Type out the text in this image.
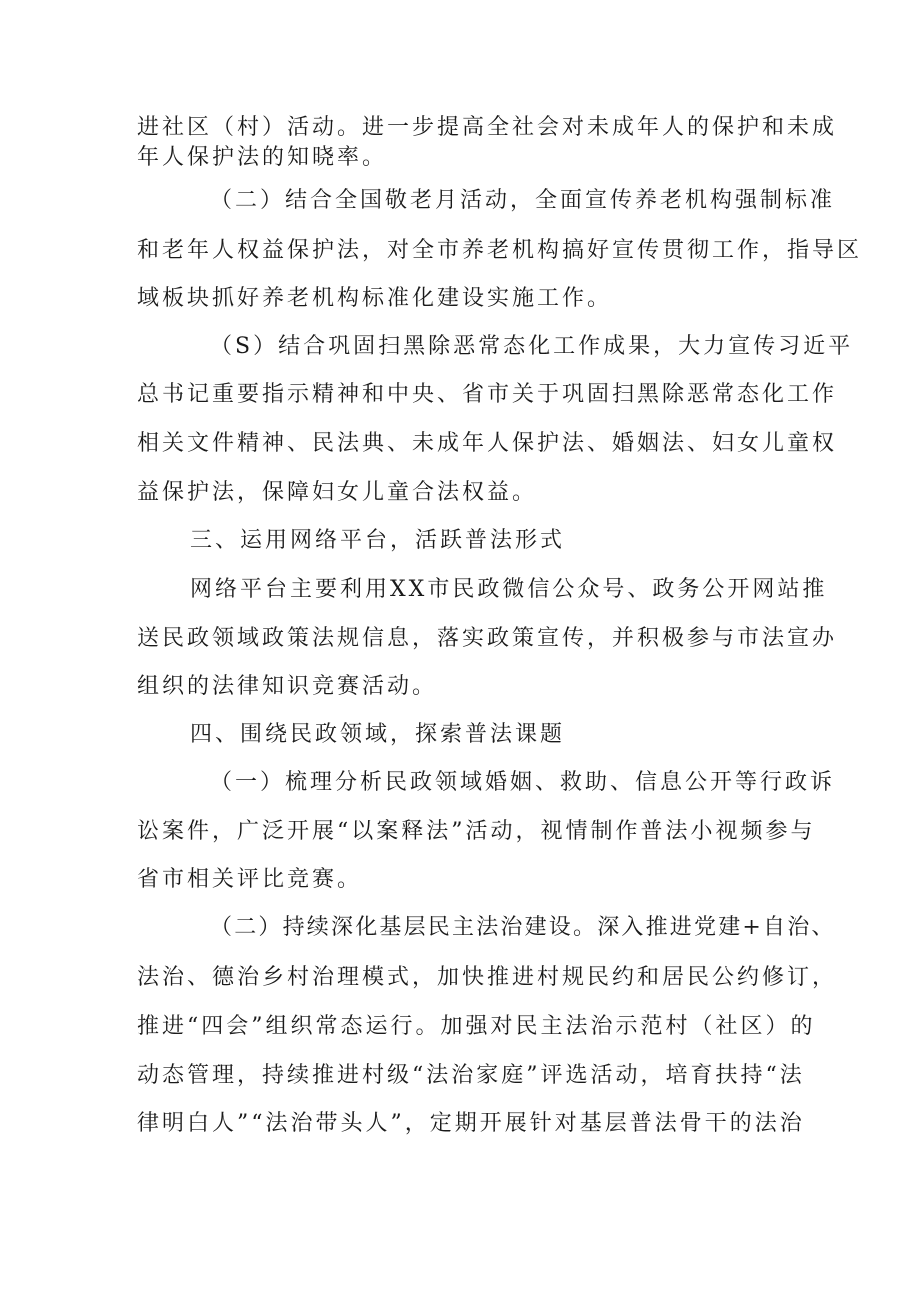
进社区（村）活动。进一步提高全社会对未成年人的保护和未成
年人保护法的知晓率。
（二）结合全国敬老月活动，全面宣传养老机构强制标准
和老年人权益保护法，对全市养老机构搞好宣传贯彻工作，指导区
域板块抓好养老机构标准化建设实施工作。
（S）结合巩固扫黑除恶常态化工作成果，大力宣传习近平
总书记重要指示精神和中央、省市关于巩固扫黑除恶常态化工作
相关文件精神、民法典、未成年人保护法、婚姻法、妇女儿童权
益保护法，保障妇女儿童合法权益。
三、运用网络平台，活跃普法形式
网络平台主要利用XX市民政微信公众号、政务公开网站推
送民政领域政策法规信息，落实政策宣传，并积极参与市法宣办
组织的法律知识竞赛活动。
四、围绕民政领域，探索普法课题
（一）梳理分析民政领域婚姻、救助、信息公开等行政诉
讼案件，广泛开展“以案释法”活动，视情制作普法小视频参与
省市相关评比竞赛。
（二）持续深化基层民主法治建设。深入推进党建+自治、
法治、德治乡村治理模式，加快推进村规民约和居民公约修订，
推进“四会”组织常态运行。加强对民主法治示范村（社区）的
动态管理，持续推进村级“法治家庭”评选活动，培育扶持“法
律明白人”“法治带头人”，定期开展针对基层普法骨干的法治
